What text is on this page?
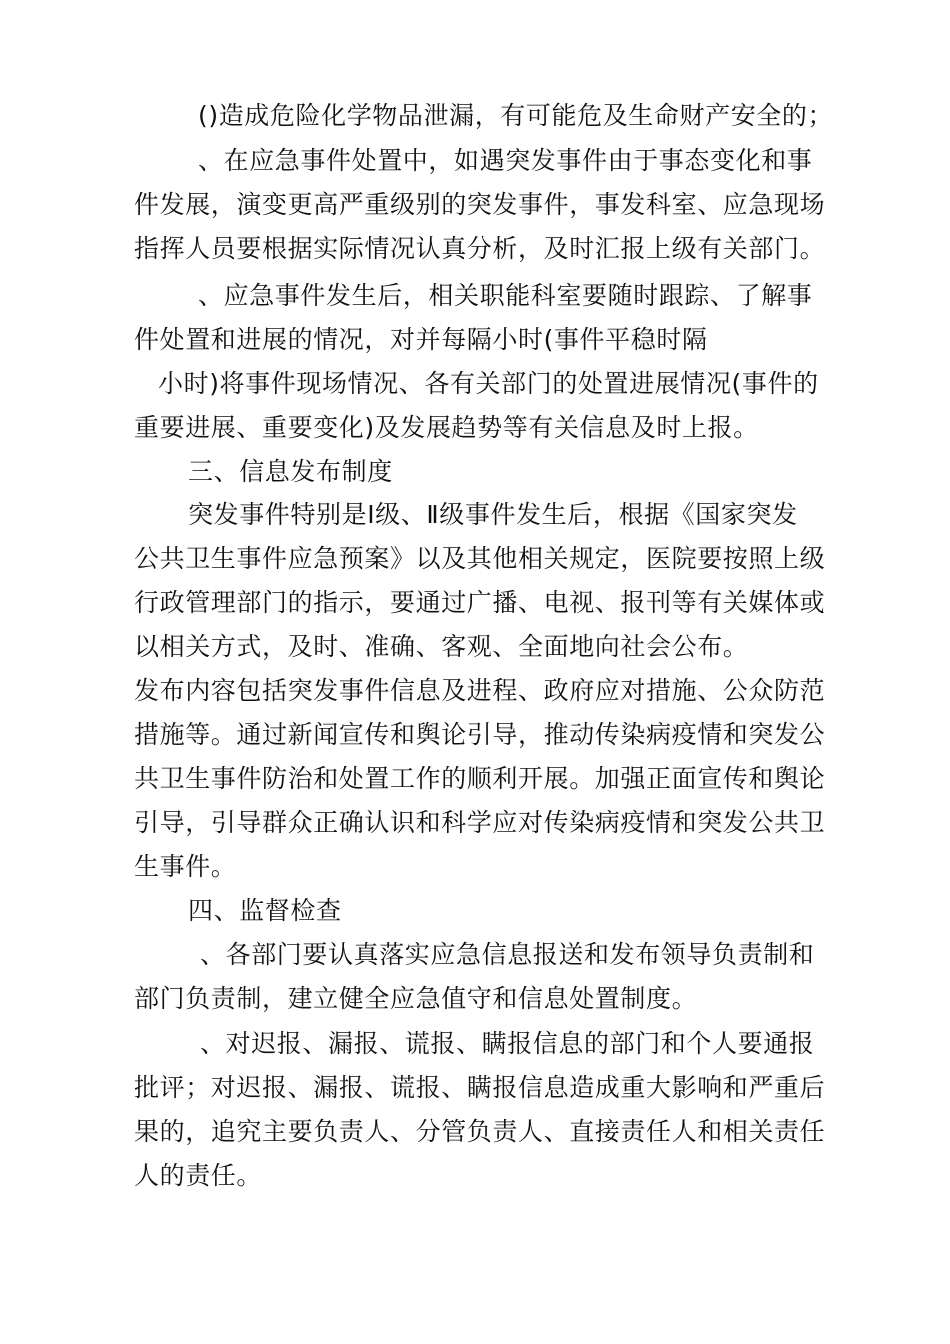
()造成危险化学物品泄漏，有可能危及生命财产安全的；

、在应急事件处置中，如遇突发事件由于事态变化和事

件发展，演变更高严重级别的突发事件，事发科室、应急现场

指挥人员要根据实际情况认真分析，及时汇报上级有关部门。

、应急事件发生后，相关职能科室要随时跟踪、了解事

件处置和进展的情况，对并每隔小时(事件平稳时隔

小时)将事件现场情况、各有关部门的处置进展情况(事件的

重要进展、重要变化)及发展趋势等有关信息及时上报。

三、信息发布制度

突发事件特别是Ⅰ级、Ⅱ级事件发生后，根据《国家突发

公共卫生事件应急预案》以及其他相关规定，医院要按照上级

行政管理部门的指示，要通过广播、电视、报刊等有关媒体或

以相关方式，及时、准确、客观、全面地向社会公布。

发布内容包括突发事件信息及进程、政府应对措施、公众防范

措施等。通过新闻宣传和舆论引导，推动传染病疫情和突发公

共卫生事件防治和处置工作的顺利开展。加强正面宣传和舆论

引导，引导群众正确认识和科学应对传染病疫情和突发公共卫

生事件。

四、监督检查

、各部门要认真落实应急信息报送和发布领导负责制和

部门负责制，建立健全应急值守和信息处置制度。

、对迟报、漏报、谎报、瞒报信息的部门和个人要通报

批评；对迟报、漏报、谎报、瞒报信息造成重大影响和严重后

果的，追究主要负责人、分管负责人、直接责任人和相关责任

人的责任。
